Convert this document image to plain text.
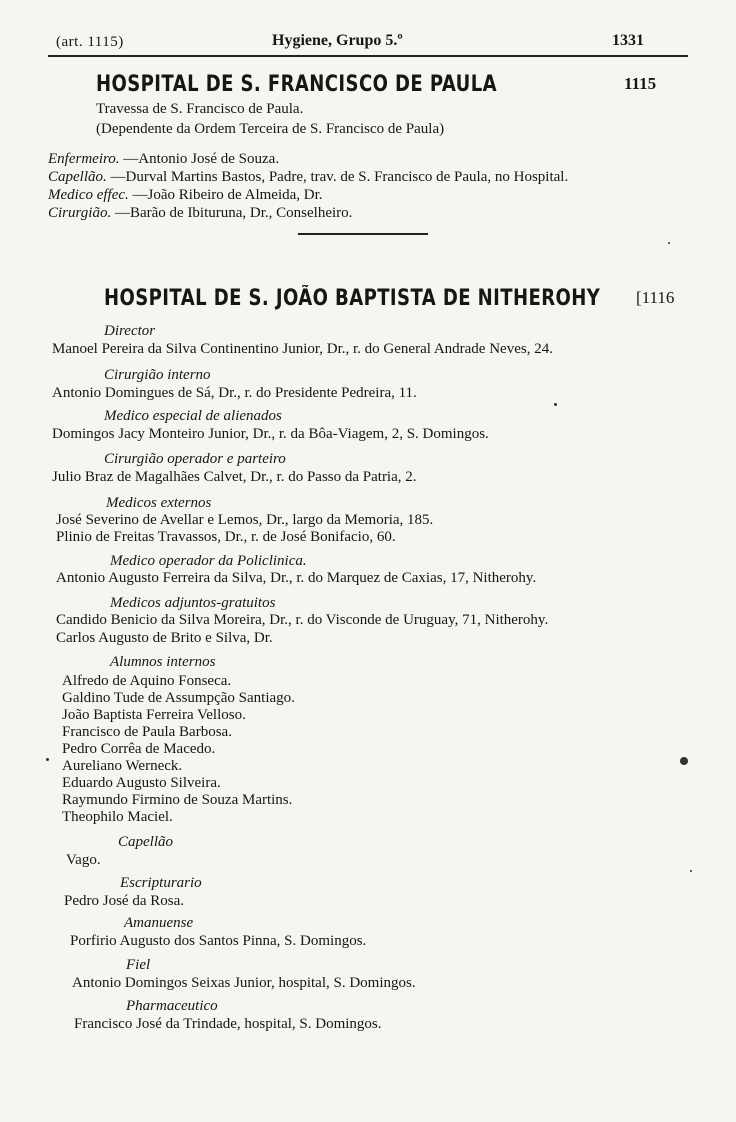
(art. 1115)	Hygiene, Grupo 5.º	1331
HOSPITAL DE S. FRANCISCO DE PAULA	1115
Travessa de S. Francisco de Paula.
(Dependente da Ordem Terceira de S. Francisco de Paula)
Enfermeiro. —Antonio José de Souza.
Capellão. —Durval Martins Bastos, Padre, trav. de S. Francisco de Paula, no Hospital.
Medico effec. —João Ribeiro de Almeida, Dr.
Cirurgião. —Barão de Ibituruna, Dr., Conselheiro.
HOSPITAL DE S. JOÃO BAPTISTA DE NITHEROHY [1116
Director
Manoel Pereira da Silva Continentino Junior, Dr., r. do General Andrade Neves, 24.
Cirurgião interno
Antonio Domingues de Sá, Dr., r. do Presidente Pedreira, 11.
Medico especial de alienados
Domingos Jacy Monteiro Junior, Dr., r. da Bôa-Viagem, 2, S. Domingos.
Cirurgião operador e parteiro
Julio Braz de Magalhães Calvet, Dr., r. do Passo da Patria, 2.
Medicos externos
José Severino de Avellar e Lemos, Dr., largo da Memoria, 185.
Plinio de Freitas Travassos, Dr., r. de José Bonifacio, 60.
Medico operador da Policlinica.
Antonio Augusto Ferreira da Silva, Dr., r. do Marquez de Caxias, 17, Nitherohy.
Medicos adjuntos-gratuitos
Candido Benicio da Silva Moreira, Dr., r. do Visconde de Uruguay, 71, Nitherohy.
Carlos Augusto de Brito e Silva, Dr.
Alumnos internos
Alfredo de Aquino Fonseca.
Galdino Tude de Assumpção Santiago.
João Baptista Ferreira Velloso.
Francisco de Paula Barbosa.
Pedro Corrêa de Macedo.
Aureliano Werneck.
Eduardo Augusto Silveira.
Raymundo Firmino de Souza Martins.
Theophilo Maciel.
Capellão
Vago.
Escripturario
Pedro José da Rosa.
Amanuense
Porfirio Augusto dos Santos Pinna, S. Domingos.
Fiel
Antonio Domingos Seixas Junior, hospital, S. Domingos.
Pharmaceutico
Francisco José da Trindade, hospital, S. Domingos.
